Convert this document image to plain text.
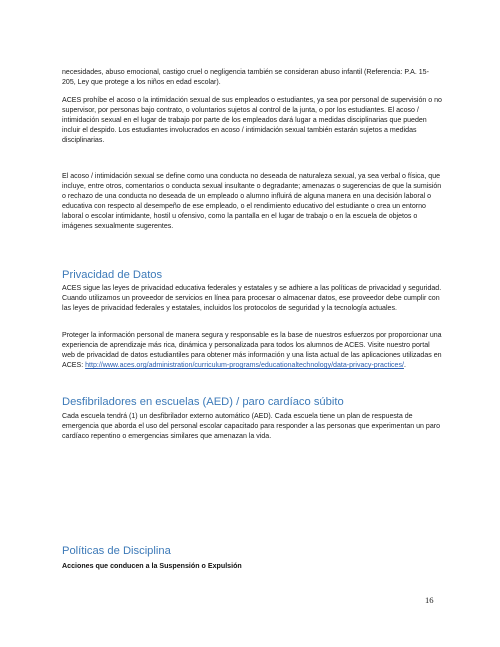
necesidades, abuso emocional, castigo cruel o negligencia también se consideran abuso infantil (Referencia: P.A. 15-205, Ley que protege a los niños en edad escolar).

ACES prohíbe el acoso o la intimidación sexual de sus empleados o estudiantes, ya sea por personal de supervisión o no supervisor, por personas bajo contrato, o voluntarios sujetos al control de la junta, o por los estudiantes. El acoso / intimidación sexual en el lugar de trabajo por parte de los empleados dará lugar a medidas disciplinarias que pueden incluir el despido. Los estudiantes involucrados en acoso / intimidación sexual también estarán sujetos a medidas disciplinarias.

El acoso / intimidación sexual se define como una conducta no deseada de naturaleza sexual, ya sea verbal o física, que incluye, entre otros, comentarios o conducta sexual insultante o degradante; amenazas o sugerencias de que la sumisión o rechazo de una conducta no deseada de un empleado o alumno influirá de alguna manera en una decisión laboral o educativa con respecto al desempeño de ese empleado, o el rendimiento educativo del estudiante o crea un entorno laboral o escolar intimidante, hostil u ofensivo, como la pantalla en el lugar de trabajo o en la escuela de objetos o imágenes sexualmente sugerentes.

Privacidad de Datos

ACES sigue las leyes de privacidad educativa federales y estatales y se adhiere a las políticas de privacidad y seguridad. Cuando utilizamos un proveedor de servicios en línea para procesar o almacenar datos, ese proveedor debe cumplir con las leyes de privacidad federales y estatales, incluidos los protocolos de seguridad y la tecnología actuales.

Proteger la información personal de manera segura y responsable es la base de nuestros esfuerzos por proporcionar una experiencia de aprendizaje más rica, dinámica y personalizada para todos los alumnos de ACES. Visite nuestro portal web de privacidad de datos estudiantiles para obtener más información y una lista actual de las aplicaciones utilizadas en ACES: http://www.aces.org/administration/curriculum-programs/educationaltechnology/data-privacy-practices/.

Desfibriladores en escuelas (AED) / paro cardíaco súbito

Cada escuela tendrá (1) un desfibrilador externo automático (AED). Cada escuela tiene un plan de respuesta de emergencia que aborda el uso del personal escolar capacitado para responder a las personas que experimentan un paro cardíaco repentino o emergencias similares que amenazan la vida.

Políticas de Disciplina

Acciones que conducen a la Suspensión o Expulsión

16
